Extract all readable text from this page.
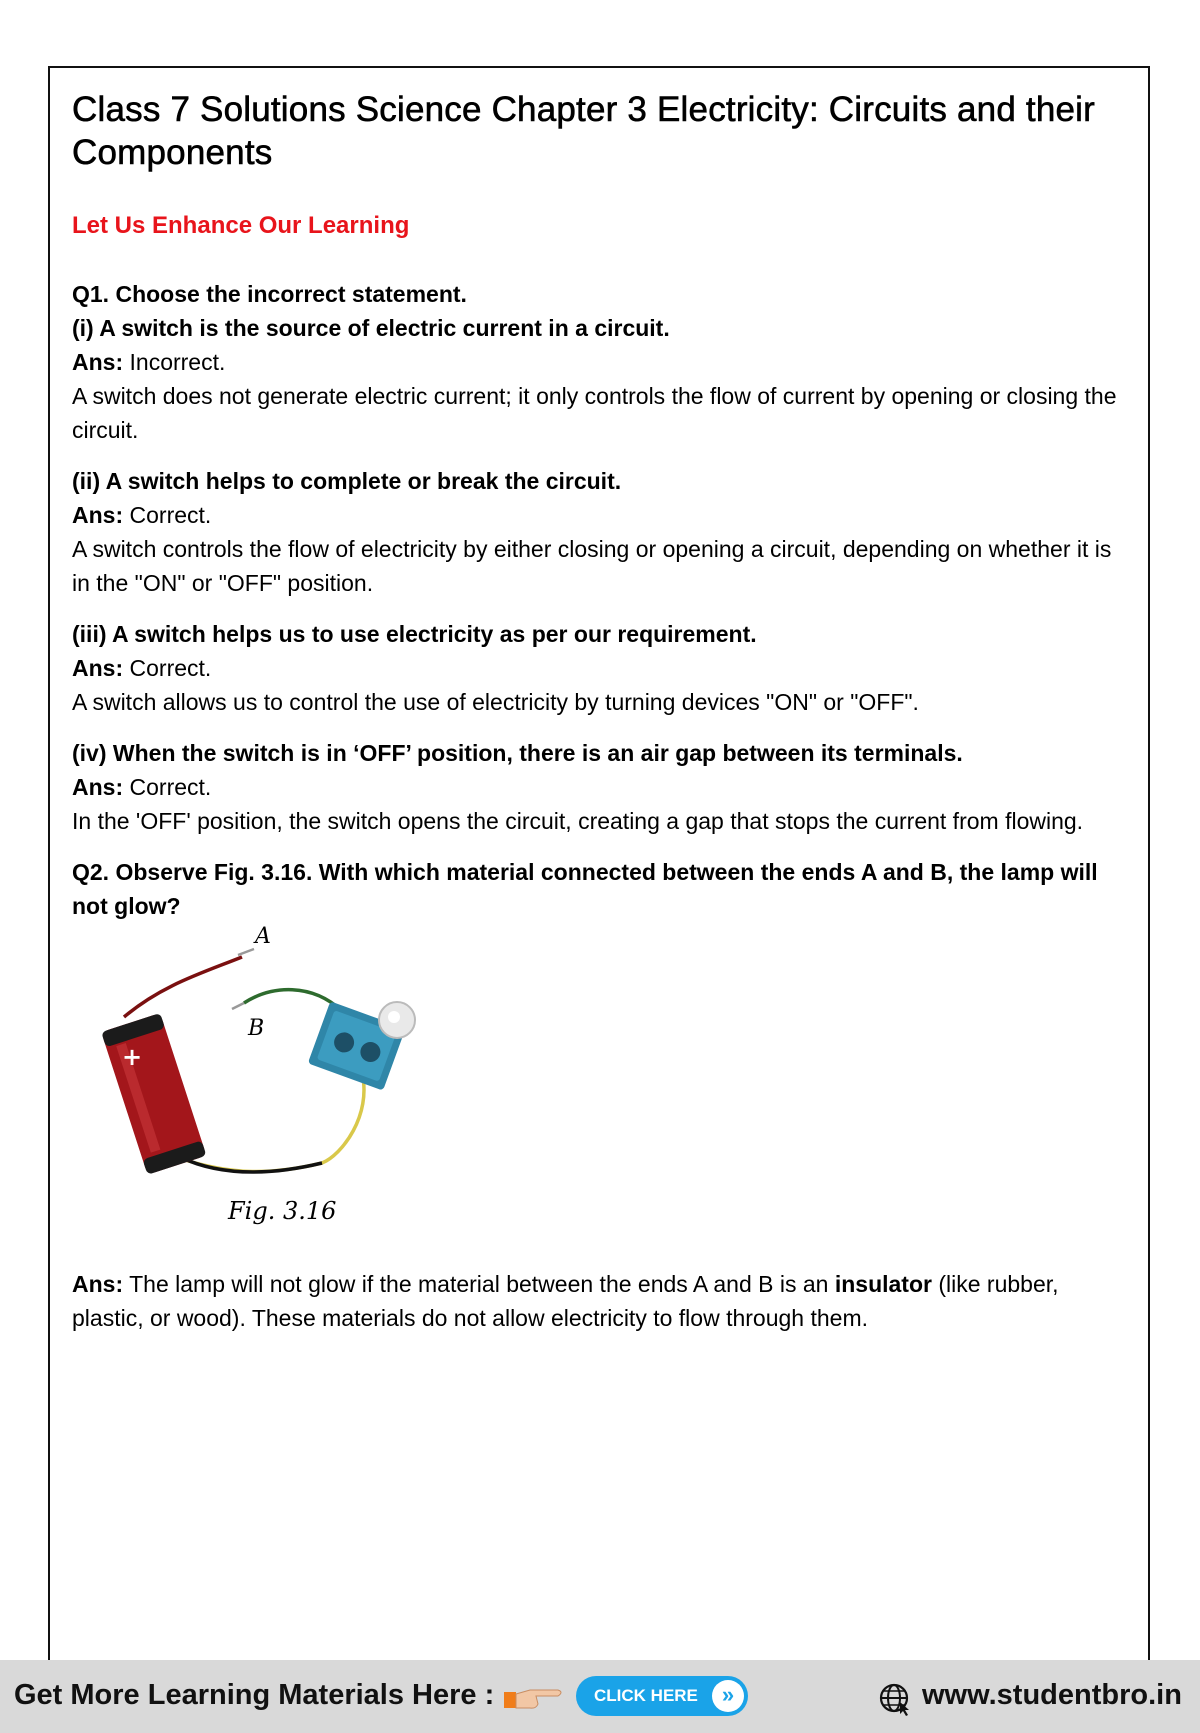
Class 7 Solutions Science Chapter 3 Electricity: Circuits and their Components
Let Us Enhance Our Learning

Q1. Choose the incorrect statement.

(i) A switch is the source of electric current in a circuit.

Ans: Incorrect.

A switch does not generate electric current; it only controls the flow of current by opening or closing the circuit.

(ii) A switch helps to complete or break the circuit.

Ans: Correct.

A switch controls the flow of electricity by either closing or opening a circuit, depending on whether it is in the "ON" or "OFF" position.

(iii) A switch helps us to use electricity as per our requirement.

Ans: Correct.

A switch allows us to control the use of electricity by turning devices "ON" or "OFF".

(iv) When the switch is in ‘OFF’ position, there is an air gap between its terminals.

Ans: Correct.

In the 'OFF' position, the switch opens the circuit, creating a gap that stops the current from flowing.

Q2. Observe Fig. 3.16. With which material connected between the ends A and B, the lamp will not glow?

+
A
B
Fig. 3.16

Ans: The lamp will not glow if the material between the ends A and B is an insulator (like rubber, plastic, or wood). These materials do not allow electricity to flow through them.

Get More Learning Materials Here :	CLICK HERE	»	www.studentbro.in
